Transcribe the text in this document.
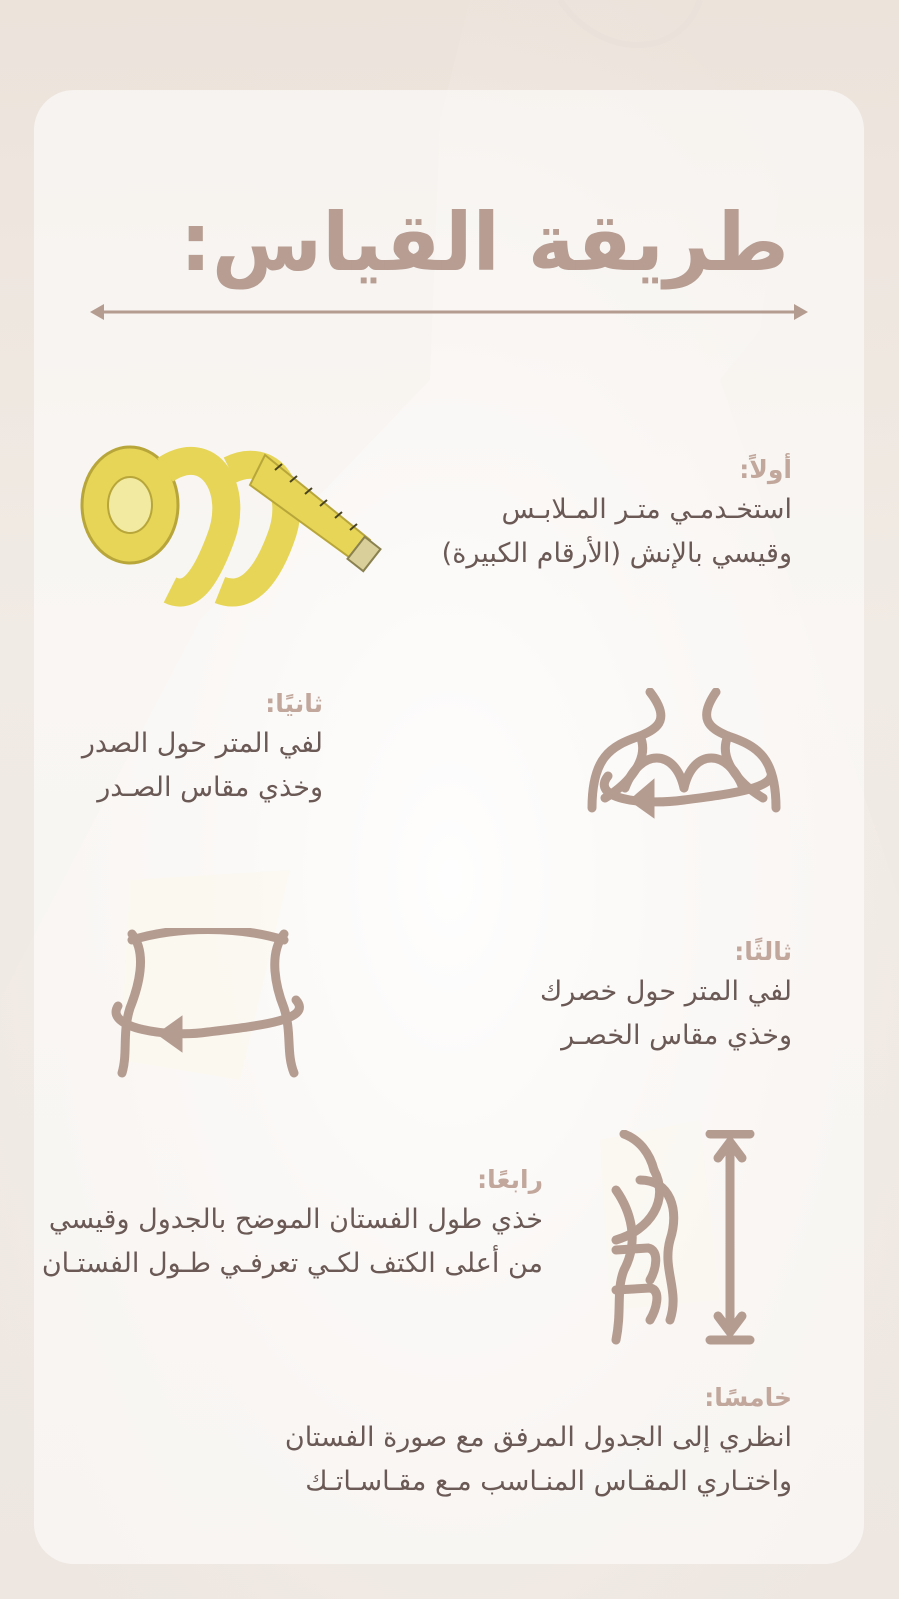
طريقة القياس:
أولاً:
استخـدمـي متـر المـلابـس
وقيسي بالإنش (الأرقام الكبيرة)
ثانيًا:
لفي المتر حول الصدر
وخذي مقاس الصـدر
ثالثًا:
لفي المتر حول خصرك
وخذي مقاس الخصـر
رابعًا:
خذي طول الفستان الموضح بالجدول وقيسي
من أعلى الكتف لكـي تعرفـي طـول الفستـان
خامسًا:
انظري إلى الجدول المرفق مع صورة الفستان
واختـاري المقـاس المنـاسب مـع مقـاسـاتـك
